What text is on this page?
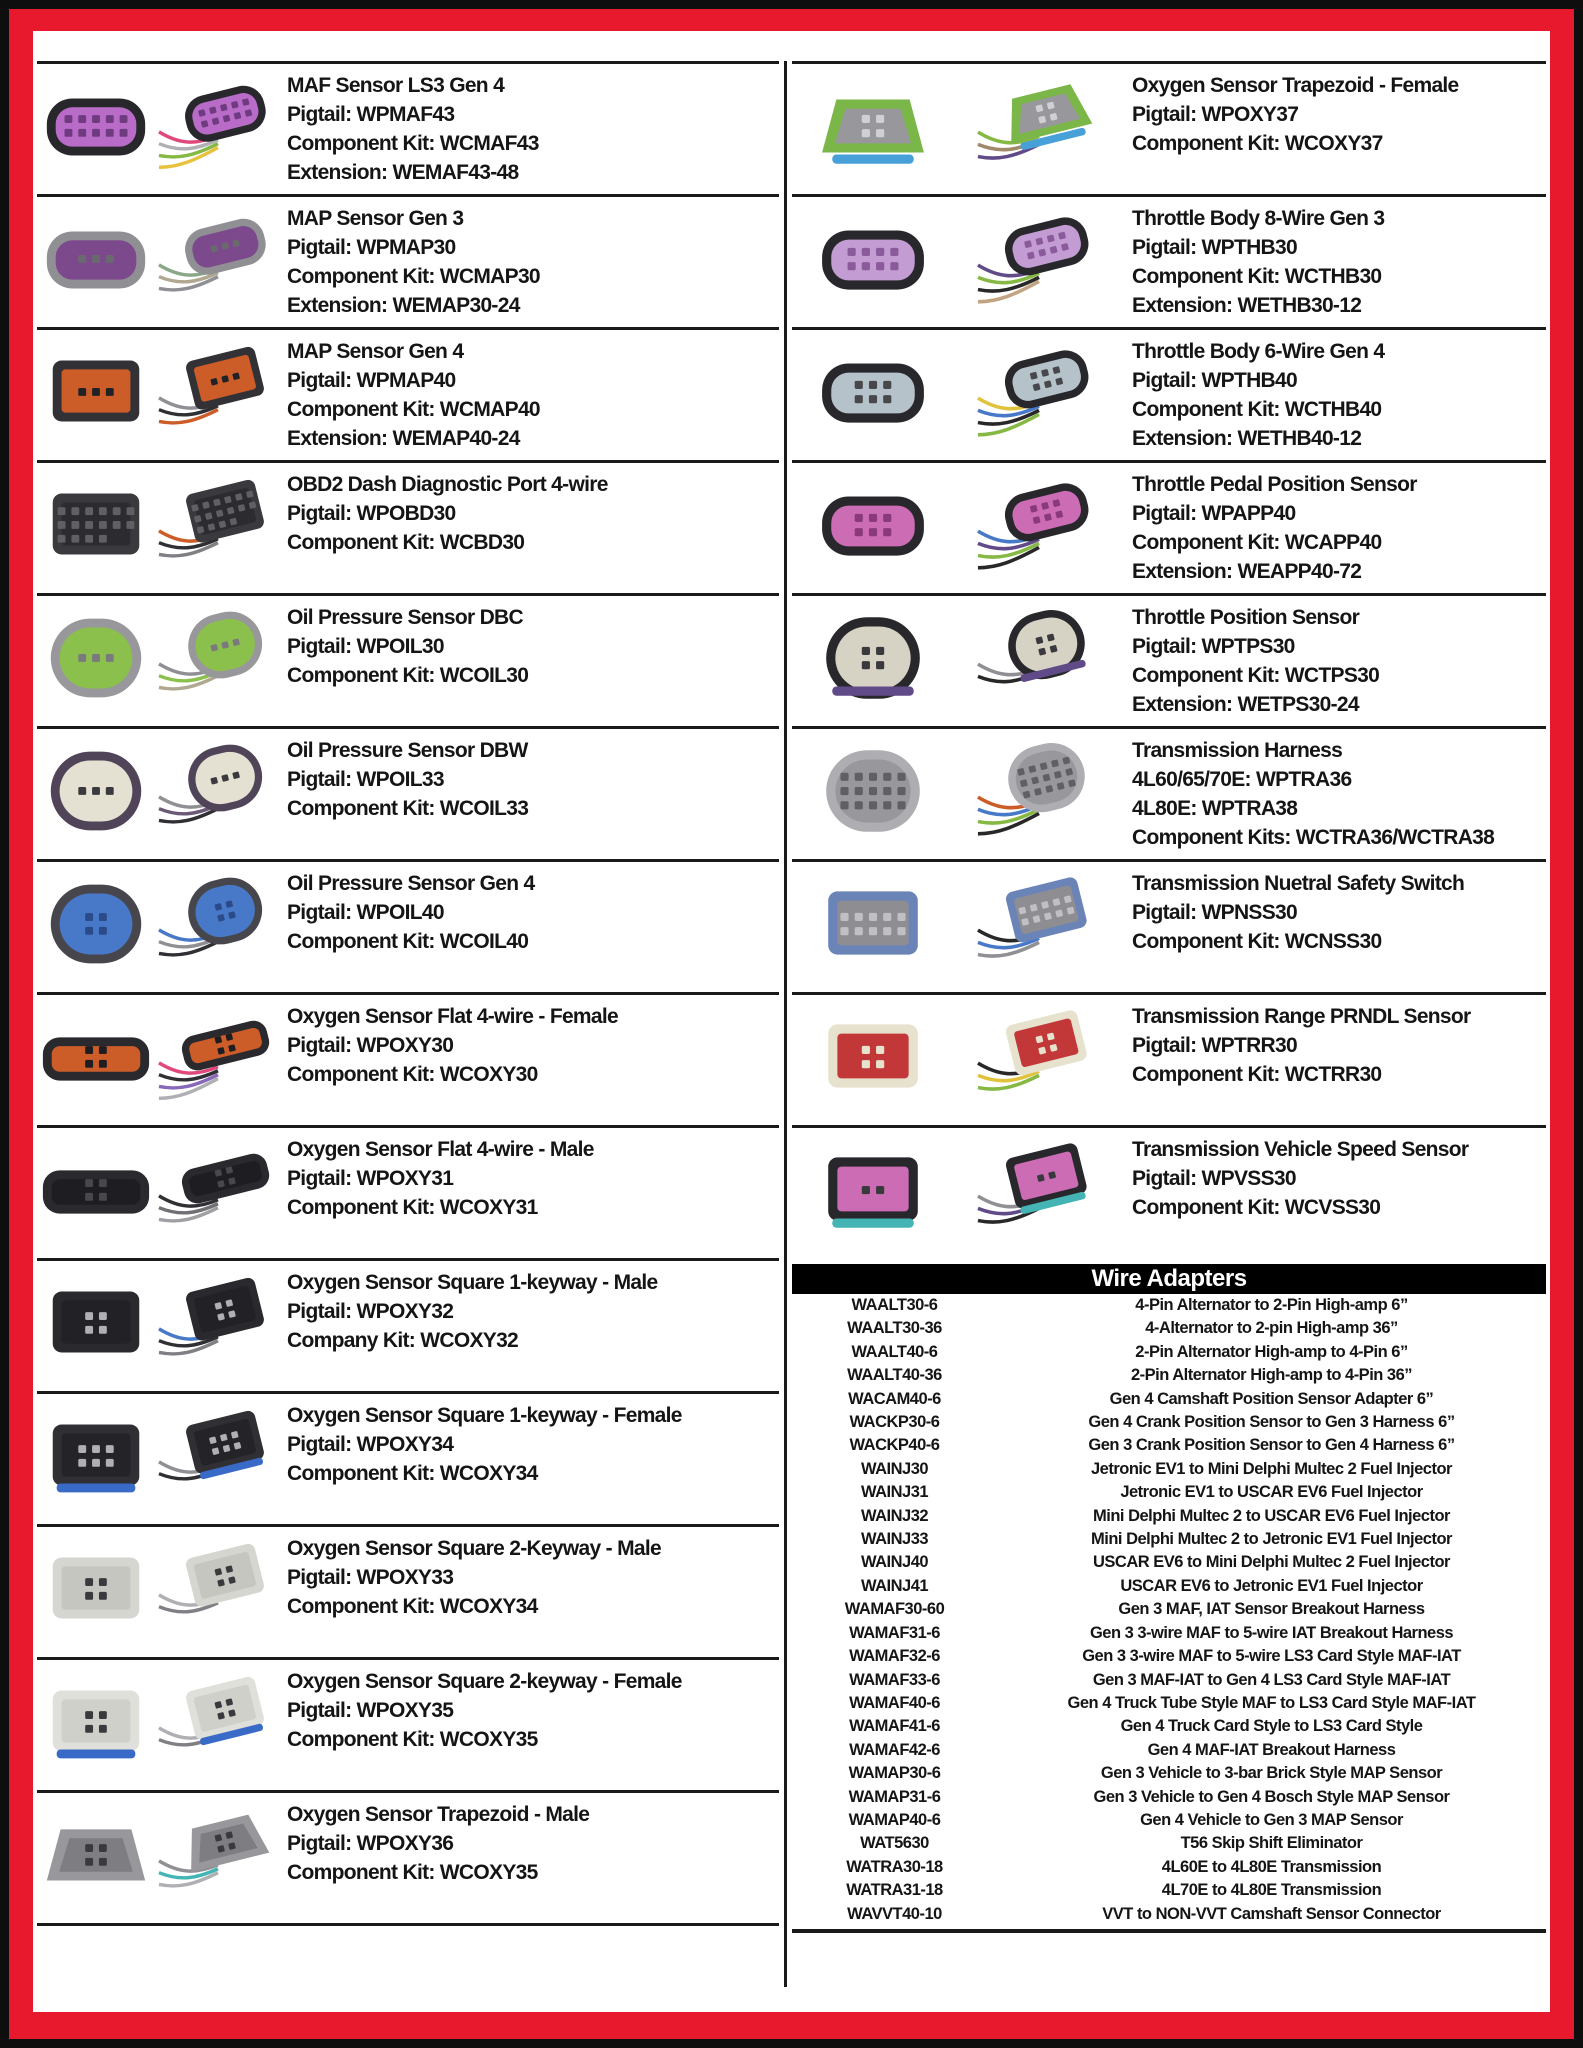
MAF Sensor LS3 Gen 4
Pigtail: WPMAF43
Component Kit: WCMAF43
Extension: WEMAF43-48
MAP Sensor Gen 3
Pigtail: WPMAP30
Component Kit: WCMAP30
Extension: WEMAP30-24
MAP Sensor Gen 4
Pigtail: WPMAP40
Component Kit: WCMAP40
Extension: WEMAP40-24
OBD2 Dash Diagnostic Port 4-wire
Pigtail: WPOBD30
Component Kit: WCBD30
Oil Pressure Sensor DBC
Pigtail: WPOIL30
Component Kit: WCOIL30
Oil Pressure Sensor DBW
Pigtail: WPOIL33
Component Kit: WCOIL33
Oil Pressure Sensor Gen 4
Pigtail: WPOIL40
Component Kit: WCOIL40
Oxygen Sensor Flat 4-wire - Female
Pigtail: WPOXY30
Component Kit: WCOXY30
Oxygen Sensor Flat 4-wire - Male
Pigtail: WPOXY31
Component Kit: WCOXY31
Oxygen Sensor Square 1-keyway - Male
Pigtail: WPOXY32
Company Kit: WCOXY32
Oxygen Sensor Square 1-keyway - Female
Pigtail: WPOXY34
Component Kit: WCOXY34
Oxygen Sensor Square 2-Keyway - Male
Pigtail: WPOXY33
Component Kit: WCOXY34
Oxygen Sensor Square 2-keyway - Female
Pigtail: WPOXY35
Component Kit: WCOXY35
Oxygen Sensor Trapezoid - Male
Pigtail: WPOXY36
Component Kit: WCOXY35
Oxygen Sensor Trapezoid - Female
Pigtail: WPOXY37
Component Kit: WCOXY37
Throttle Body 8-Wire Gen 3
Pigtail: WPTHB30
Component Kit: WCTHB30
Extension: WETHB30-12
Throttle Body 6-Wire Gen 4
Pigtail: WPTHB40
Component Kit: WCTHB40
Extension: WETHB40-12
Throttle Pedal Position Sensor
Pigtail: WPAPP40
Component Kit: WCAPP40
Extension: WEAPP40-72
Throttle Position Sensor
Pigtail: WPTPS30
Component Kit: WCTPS30
Extension: WETPS30-24
Transmission Harness
4L60/65/70E: WPTRA36
4L80E: WPTRA38
Component Kits: WCTRA36/WCTRA38
Transmission Nuetral Safety Switch
Pigtail: WPNSS30
Component Kit: WCNSS30
Transmission Range PRNDL Sensor
Pigtail: WPTRR30
Component Kit: WCTRR30
Transmission Vehicle Speed Sensor
Pigtail: WPVSS30
Component Kit: WCVSS30
Wire Adapters
WAALT30-6	4-Pin Alternator to 2-Pin High-amp 6”
WAALT30-36	4-Alternator to 2-pin High-amp 36”
WAALT40-6	2-Pin Alternator High-amp to 4-Pin 6”
WAALT40-36	2-Pin Alternator High-amp to 4-Pin 36”
WACAM40-6	Gen 4 Camshaft Position Sensor Adapter 6”
WACKP30-6	Gen 4 Crank Position Sensor to Gen 3 Harness 6”
WACKP40-6	Gen 3 Crank Position Sensor to Gen 4 Harness 6”
WAINJ30	Jetronic EV1 to Mini Delphi Multec 2 Fuel Injector
WAINJ31	Jetronic EV1 to USCAR EV6 Fuel Injector
WAINJ32	Mini Delphi Multec 2 to USCAR EV6 Fuel Injector
WAINJ33	Mini Delphi Multec 2 to Jetronic EV1 Fuel Injector
WAINJ40	USCAR EV6 to Mini Delphi Multec 2 Fuel Injector
WAINJ41	USCAR EV6 to Jetronic EV1 Fuel Injector
WAMAF30-60	Gen 3 MAF, IAT Sensor Breakout Harness
WAMAF31-6	Gen 3 3-wire MAF to 5-wire IAT Breakout Harness
WAMAF32-6	Gen 3 3-wire MAF to 5-wire LS3 Card Style MAF-IAT
WAMAF33-6	Gen 3 MAF-IAT to Gen 4 LS3 Card Style MAF-IAT
WAMAF40-6	Gen 4 Truck Tube Style MAF to LS3 Card Style MAF-IAT
WAMAF41-6	Gen 4 Truck Card Style to LS3 Card Style
WAMAF42-6	Gen 4 MAF-IAT Breakout Harness
WAMAP30-6	Gen 3 Vehicle to 3-bar Brick Style MAP Sensor
WAMAP31-6	Gen 3 Vehicle to Gen 4 Bosch Style MAP Sensor
WAMAP40-6	Gen 4 Vehicle to Gen 3 MAP Sensor
WAT5630	T56 Skip Shift Eliminator
WATRA30-18	4L60E to 4L80E Transmission
WATRA31-18	4L70E to 4L80E Transmission
WAVVT40-10	VVT to NON-VVT Camshaft Sensor Connector
